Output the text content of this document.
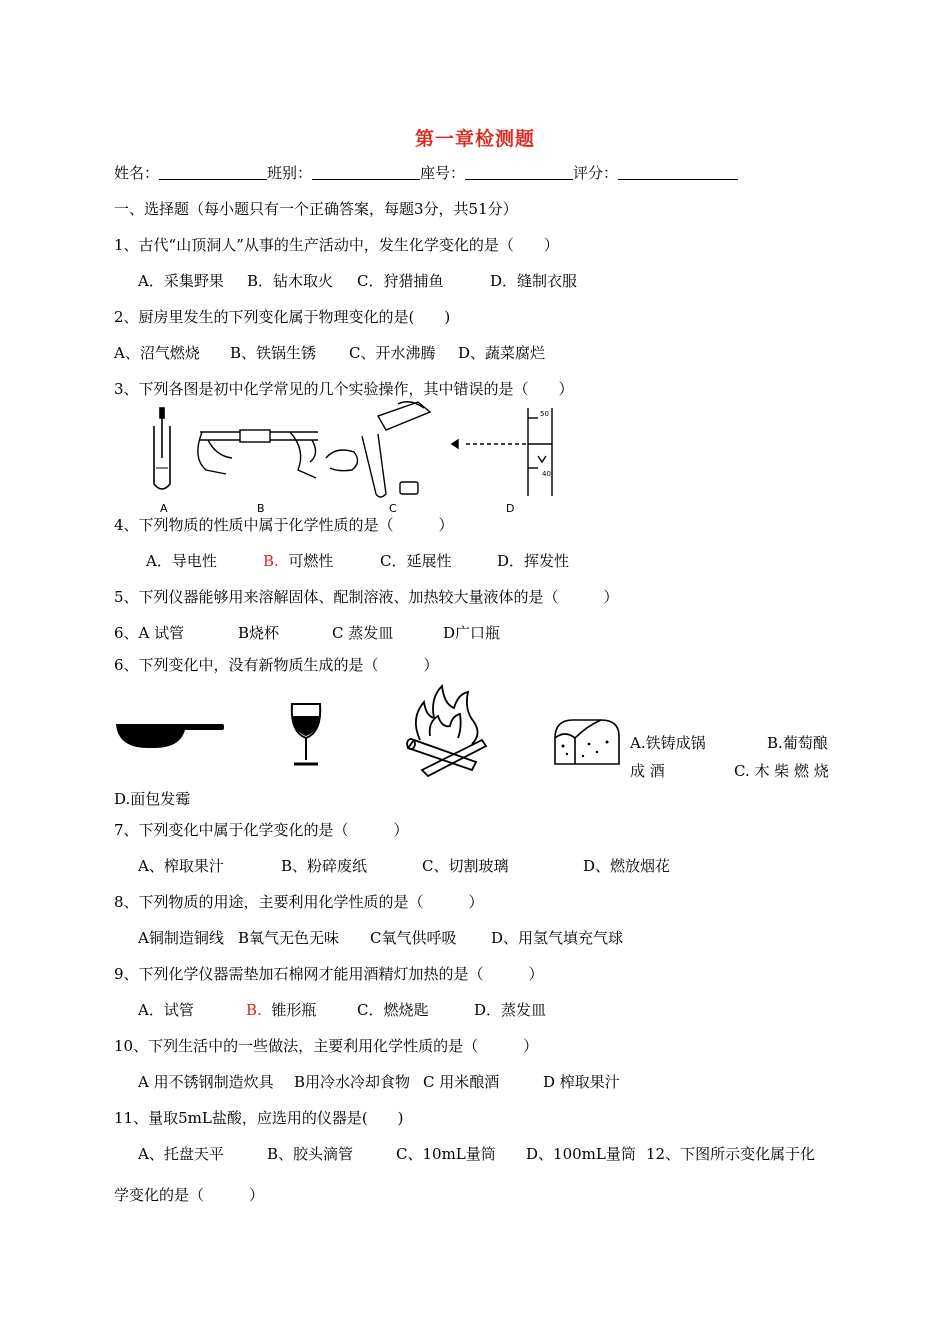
第一章检测题
姓名：	班别：	座号：	评分：
一、选择题（每小题只有一个正确答案，每题3分，共51分）
1、古代“山顶洞人”从事的生产活动中，发生化学变化的是（　　）
A．采集野果 B．钻木取火 C．狩猎捕鱼	D．缝制衣服
2、厨房里发生的下列变化属于物理变化的是(　　)
A、沼气燃烧 B、铁锅生锈 C、开水沸腾 D、蔬菜腐烂
3、下列各图是初中化学常见的几个实验操作，其中错误的是（　　）
50
40
A	B	C	D
4、下列物质的性质中属于化学性质的是（　　　）
A．导电性	B. 可燃性	C．延展性	D．挥发性
5、下列仪器能够用来溶解固体、配制溶液、加热较大量液体的是（　　　）
6、A 试管	B烧杯	C 蒸发皿	D广口瓶
6、下列变化中，没有新物质生成的是（　　　）
A.铁铸成锅	B.葡萄酿
成 酒	C. 木 柴 燃 烧
D.面包发霉
7、下列变化中属于化学变化的是（　　　）
A、榨取果汁	B、粉碎废纸	C、切割玻璃	D、燃放烟花
8、下列物质的用途，主要利用化学性质的是（　　　）
A铜制造铜线 B氧气无色无味 C氧气供呼吸 D、用氢气填充气球
9、下列化学仪器需垫加石棉网才能用酒精灯加热的是（　　　）
A．试管	B. 锥形瓶	C．燃烧匙	D．蒸发皿
10、下列生活中的一些做法，主要利用化学性质的是（　　　）
A 用不锈钢制造炊具 B用冷水冷却食物 C 用米酿酒	D 榨取果汁
11、量取5mL盐酸，应选用的仪器是(　　)
A、托盘天平	B、胶头滴管	C、10mL量筒 D、100mL量筒 12、下图所示变化属于化
学变化的是（　　　）
